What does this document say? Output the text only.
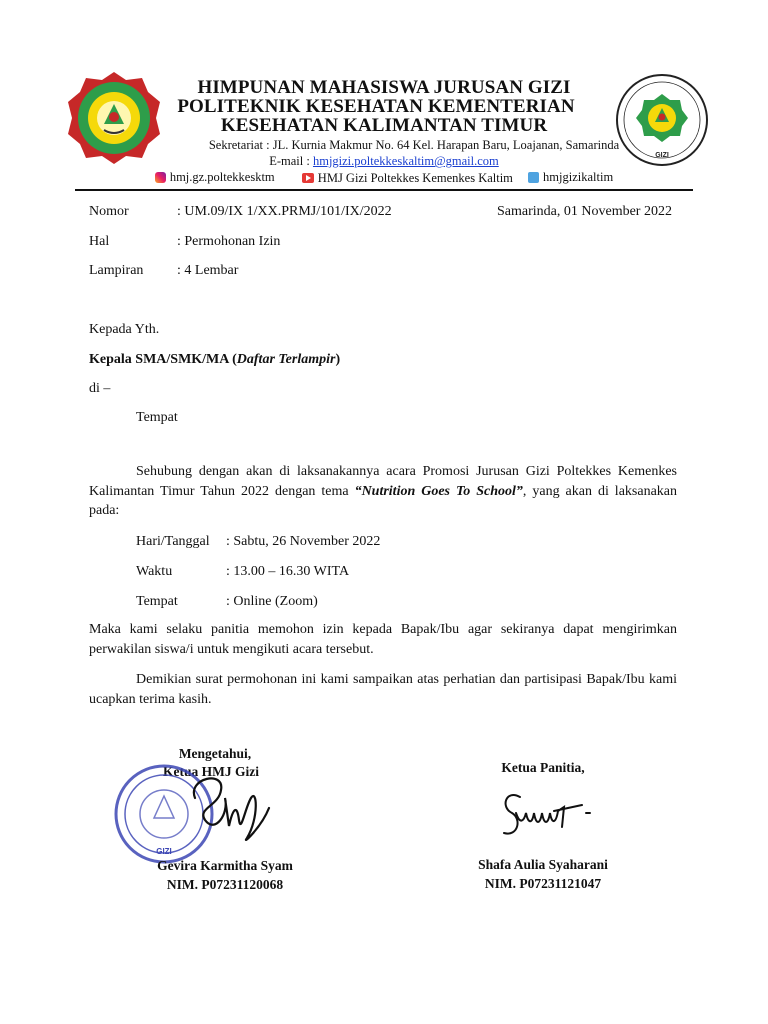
GIZI
HIMPUNAN MAHASISWA JURUSAN GIZI
POLITEKNIK KESEHATAN KEMENTERIAN
KESEHATAN KALIMANTAN TIMUR
Sekretariat : JL. Kurnia Makmur No. 64 Kel. Harapan Baru, Loajanan, Samarinda
E-mail : hmjgizi.poltekkeskaltim@gmail.com
hmj.gz.poltekkesktm
	HMJ Gizi Poltekkes Kemenkes Kaltim
hmjgizikaltim
Nomor	: UM.09/IX 1/XX.PRMJ/101/IX/2022	Samarinda, 01 November 2022
Hal	: Permohonan Izin
Lampiran : 4 Lembar
Kepada Yth.
Kepala SMA/SMK/MA (Daftar Terlampir)
di –
Tempat
Sehubung dengan akan di laksanakannya acara Promosi Jurusan Gizi Poltekkes Kemenkes Kalimantan Timur Tahun 2022 dengan tema “Nutrition Goes To School”, yang akan di laksanakan pada:
Hari/Tanggal : Sabtu, 26 November 2022
Waktu	: 13.00 – 16.30 WITA
Tempat	: Online (Zoom)
Maka kami selaku panitia memohon izin kepada Bapak/Ibu agar sekiranya dapat mengirimkan perwakilan siswa/i untuk mengikuti acara tersebut.
Demikian surat permohonan ini kami sampaikan atas perhatian dan partisipasi Bapak/Ibu kami ucapkan terima kasih.
Mengetahui,
Ketua HMJ Gizi
GIZI
Gevira Karmitha Syam
NIM. P07231120068
Ketua Panitia,
Shafa Aulia Syaharani
NIM. P07231121047
